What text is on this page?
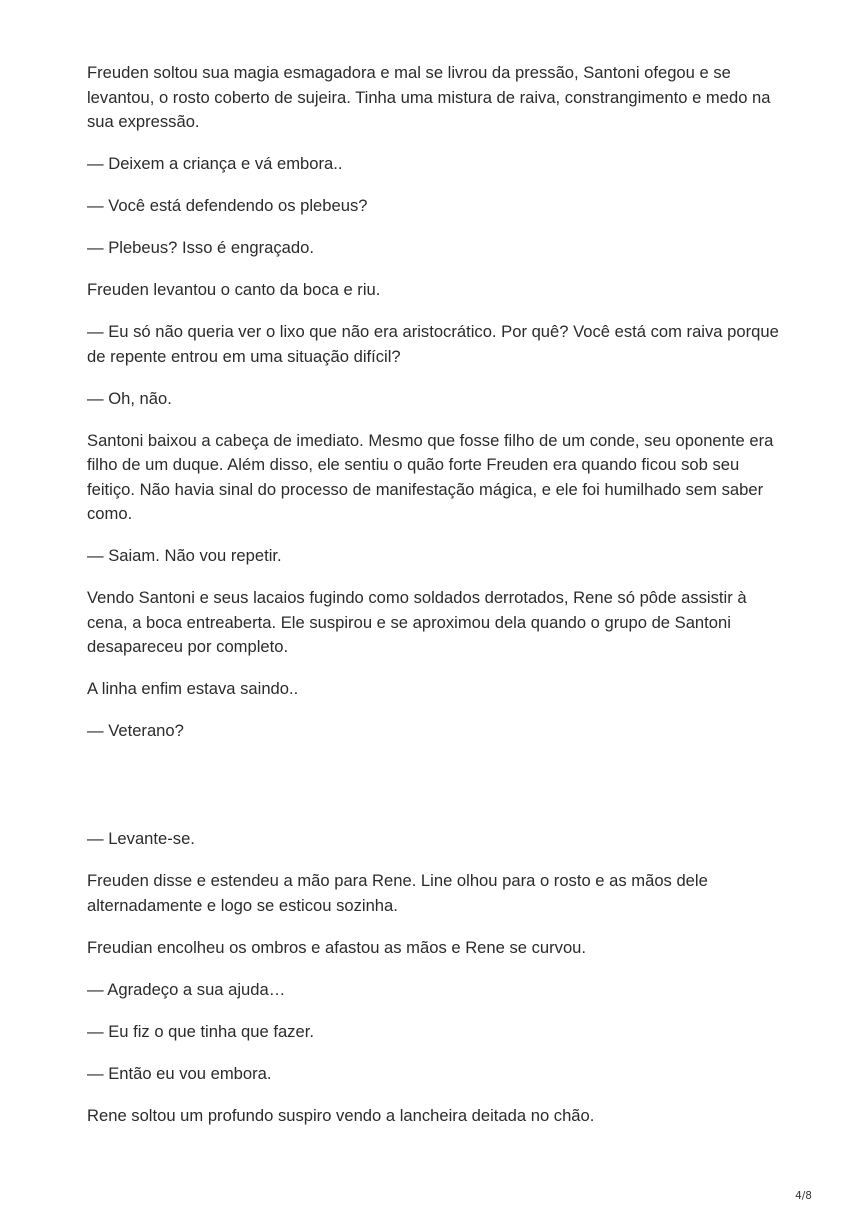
Freuden soltou sua magia esmagadora e mal se livrou da pressão, Santoni ofegou e se levantou, o rosto coberto de sujeira. Tinha uma mistura de raiva, constrangimento e medo na sua expressão.

— Deixem a criança e vá embora..

— Você está defendendo os plebeus?

— Plebeus? Isso é engraçado.

Freuden levantou o canto da boca e riu.

— Eu só não queria ver o lixo que não era aristocrático. Por quê? Você está com raiva porque de repente entrou em uma situação difícil?

— Oh, não.

Santoni baixou a cabeça de imediato. Mesmo que fosse filho de um conde, seu oponente era filho de um duque. Além disso, ele sentiu o quão forte Freuden era quando ficou sob seu feitiço. Não havia sinal do processo de manifestação mágica, e ele foi humilhado sem saber como.

— Saiam. Não vou repetir.

Vendo Santoni e seus lacaios fugindo como soldados derrotados, Rene só pôde assistir à cena, a boca entreaberta. Ele suspirou e se aproximou dela quando o grupo de Santoni desapareceu por completo.

A linha enfim estava saindo..

— Veterano?

— Levante-se.

Freuden disse e estendeu a mão para Rene. Line olhou para o rosto e as mãos dele alternadamente e logo se esticou sozinha.

Freudian encolheu os ombros e afastou as mãos e Rene se curvou.

— Agradeço a sua ajuda…

— Eu fiz o que tinha que fazer.

— Então eu vou embora.

Rene soltou um profundo suspiro vendo a lancheira deitada no chão.

4/8
